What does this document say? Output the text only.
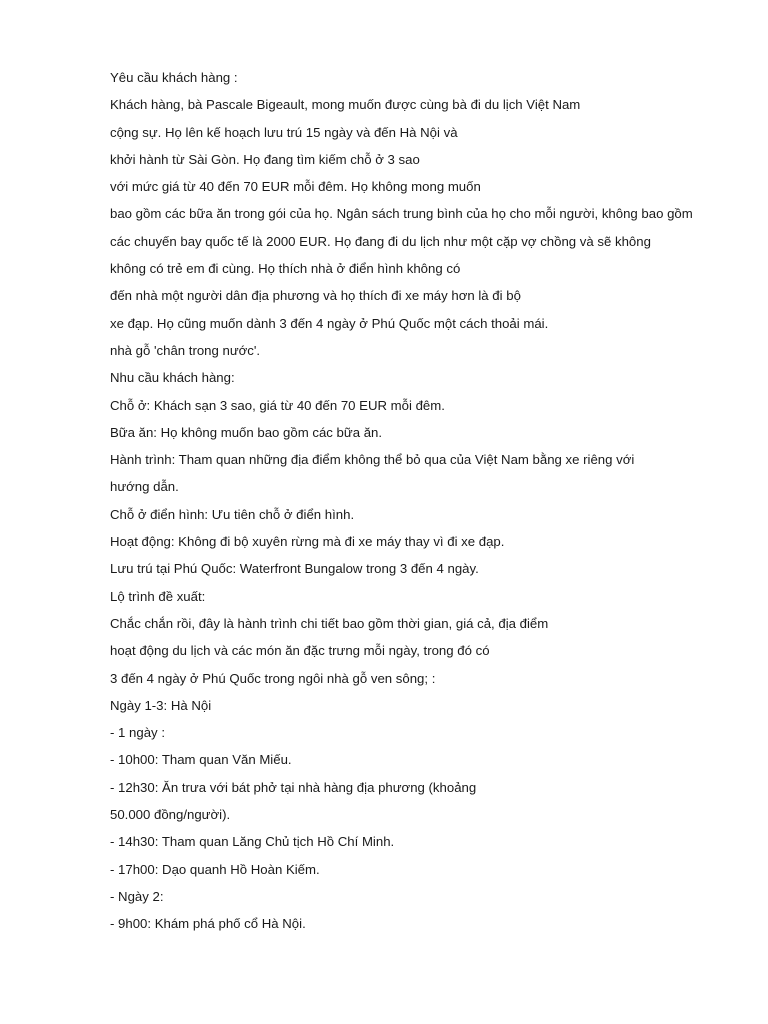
Yêu cầu khách hàng :
Khách hàng, bà Pascale Bigeault, mong muốn được cùng bà đi du lịch Việt Nam
cộng sự. Họ lên kế hoạch lưu trú 15 ngày và đến Hà Nội và
khởi hành từ Sài Gòn. Họ đang tìm kiếm chỗ ở 3 sao
với mức giá từ 40 đến 70 EUR mỗi đêm. Họ không mong muốn
bao gồm các bữa ăn trong gói của họ. Ngân sách trung bình của họ cho mỗi người, không bao gồm
các chuyến bay quốc tế là 2000 EUR. Họ đang đi du lịch như một cặp vợ chồng và sẽ không
không có trẻ em đi cùng. Họ thích nhà ở điển hình không có
đến nhà một người dân địa phương và họ thích đi xe máy hơn là đi bộ
xe đạp. Họ cũng muốn dành 3 đến 4 ngày ở Phú Quốc một cách thoải mái.
nhà gỗ 'chân trong nước'.
Nhu cầu khách hàng:
Chỗ ở: Khách sạn 3 sao, giá từ 40 đến 70 EUR mỗi đêm.
Bữa ăn: Họ không muốn bao gồm các bữa ăn.
Hành trình: Tham quan những địa điểm không thể bỏ qua của Việt Nam bằng xe riêng với
hướng dẫn.
Chỗ ở điển hình: Ưu tiên chỗ ở điển hình.
Hoạt động: Không đi bộ xuyên rừng mà đi xe máy thay vì đi xe đạp.
Lưu trú tại Phú Quốc: Waterfront Bungalow trong 3 đến 4 ngày.
Lộ trình đề xuất:
Chắc chắn rồi, đây là hành trình chi tiết bao gồm thời gian, giá cả, địa điểm
hoạt động du lịch và các món ăn đặc trưng mỗi ngày, trong đó có
3 đến 4 ngày ở Phú Quốc trong ngôi nhà gỗ ven sông; :
Ngày 1-3: Hà Nội
- 1 ngày :
- 10h00: Tham quan Văn Miếu.
- 12h30: Ăn trưa với bát phở tại nhà hàng địa phương (khoảng
50.000 đồng/người).
- 14h30: Tham quan Lăng Chủ tịch Hồ Chí Minh.
- 17h00: Dạo quanh Hồ Hoàn Kiếm.
- Ngày 2:
- 9h00: Khám phá phố cổ Hà Nội.
